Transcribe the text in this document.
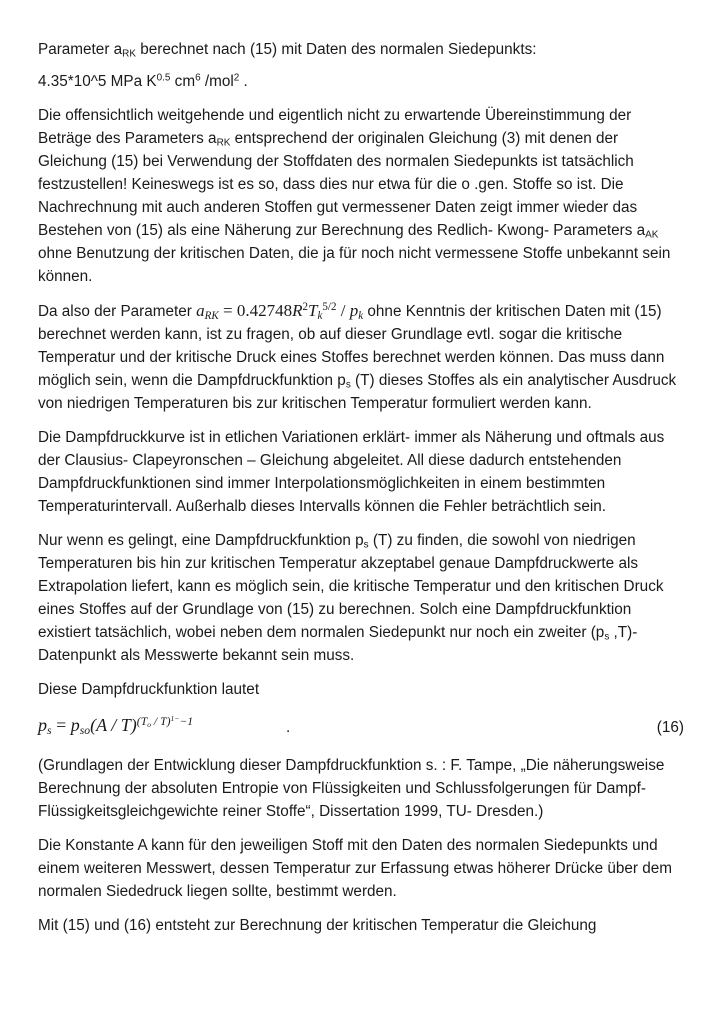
Parameter $a_{RK}$ berechnet nach (15) mit Daten des normalen Siedepunkts:

4.35*10^5 MPa $K^{0.5}$ $cm^6$ /mol$^2$ .

Die offensichtlich weitgehende und eigentlich nicht zu erwartende Übereinstimmung der Beträge des Parameters $a_{RK}$ entsprechend der originalen Gleichung (3) mit denen der Gleichung (15) bei Verwendung der Stoffdaten des normalen Siedepunkts ist tatsächlich festzustellen! Keineswegs ist es so, dass dies nur etwa für die o .gen. Stoffe so ist. Die Nachrechnung mit auch anderen Stoffen gut vermessener Daten zeigt immer wieder das Bestehen von (15) als eine Näherung zur Berechnung des Redlich- Kwong- Parameters $a_{AK}$ ohne Benutzung der kritischen Daten, die ja für noch nicht vermessene Stoffe unbekannt sein können.

Da also der Parameter $a_{RK} = 0.42748R^2T_k^{5/2} / p_k$ ohne Kenntnis der kritischen Daten mit (15) berechnet werden kann, ist zu fragen, ob auf dieser Grundlage evtl. sogar die kritische Temperatur und der kritische Druck eines Stoffes berechnet werden können. Das muss dann möglich sein, wenn die Dampfdruckfunktion $p_s$ (T) dieses Stoffes als ein analytischer Ausdruck von niedrigen Temperaturen bis zur kritischen Temperatur formuliert werden kann.

Die Dampfdruckkurve ist in etlichen Variationen erklärt- immer als Näherung und oftmals aus der Clausius- Clapeyronschen – Gleichung abgeleitet. All diese dadurch entstehenden Dampfdruckfunktionen sind immer Interpolationsmöglichkeiten in einem bestimmten Temperaturintervall. Außerhalb dieses Intervalls können die Fehler beträchtlich sein.

Nur wenn es gelingt, eine Dampfdruckfunktion $p_s$ (T) zu finden, die sowohl von niedrigen Temperaturen bis hin zur kritischen Temperatur akzeptabel genaue Dampfdruckwerte als Extrapolation liefert, kann es möglich sein, die kritische Temperatur und den kritischen Druck eines Stoffes auf der Grundlage von (15) zu berechnen. Solch eine Dampfdruckfunktion existiert tatsächlich, wobei neben dem normalen Siedepunkt nur noch ein zweiter ($p_s$ ,T)- Datenpunkt als Messwerte bekannt sein muss.

Diese Dampfdruckfunktion lautet

$p_s = p_{so}(A / T)^{(T_o / T)^{1-}-1}$	.	(16)

(Grundlagen der Entwicklung dieser Dampfdruckfunktion s. : F. Tampe, „Die näherungsweise Berechnung der absoluten Entropie von Flüssigkeiten und Schlussfolgerungen für Dampf- Flüssigkeitsgleichgewichte reiner Stoffe“, Dissertation 1999, TU- Dresden.)

Die Konstante A kann für den jeweiligen Stoff mit den Daten des normalen Siedepunkts und einem weiteren Messwert, dessen Temperatur zur Erfassung etwas höherer Drücke über dem normalen Siededruck liegen sollte, bestimmt werden.

Mit (15) und (16) entsteht zur Berechnung der kritischen Temperatur die Gleichung
